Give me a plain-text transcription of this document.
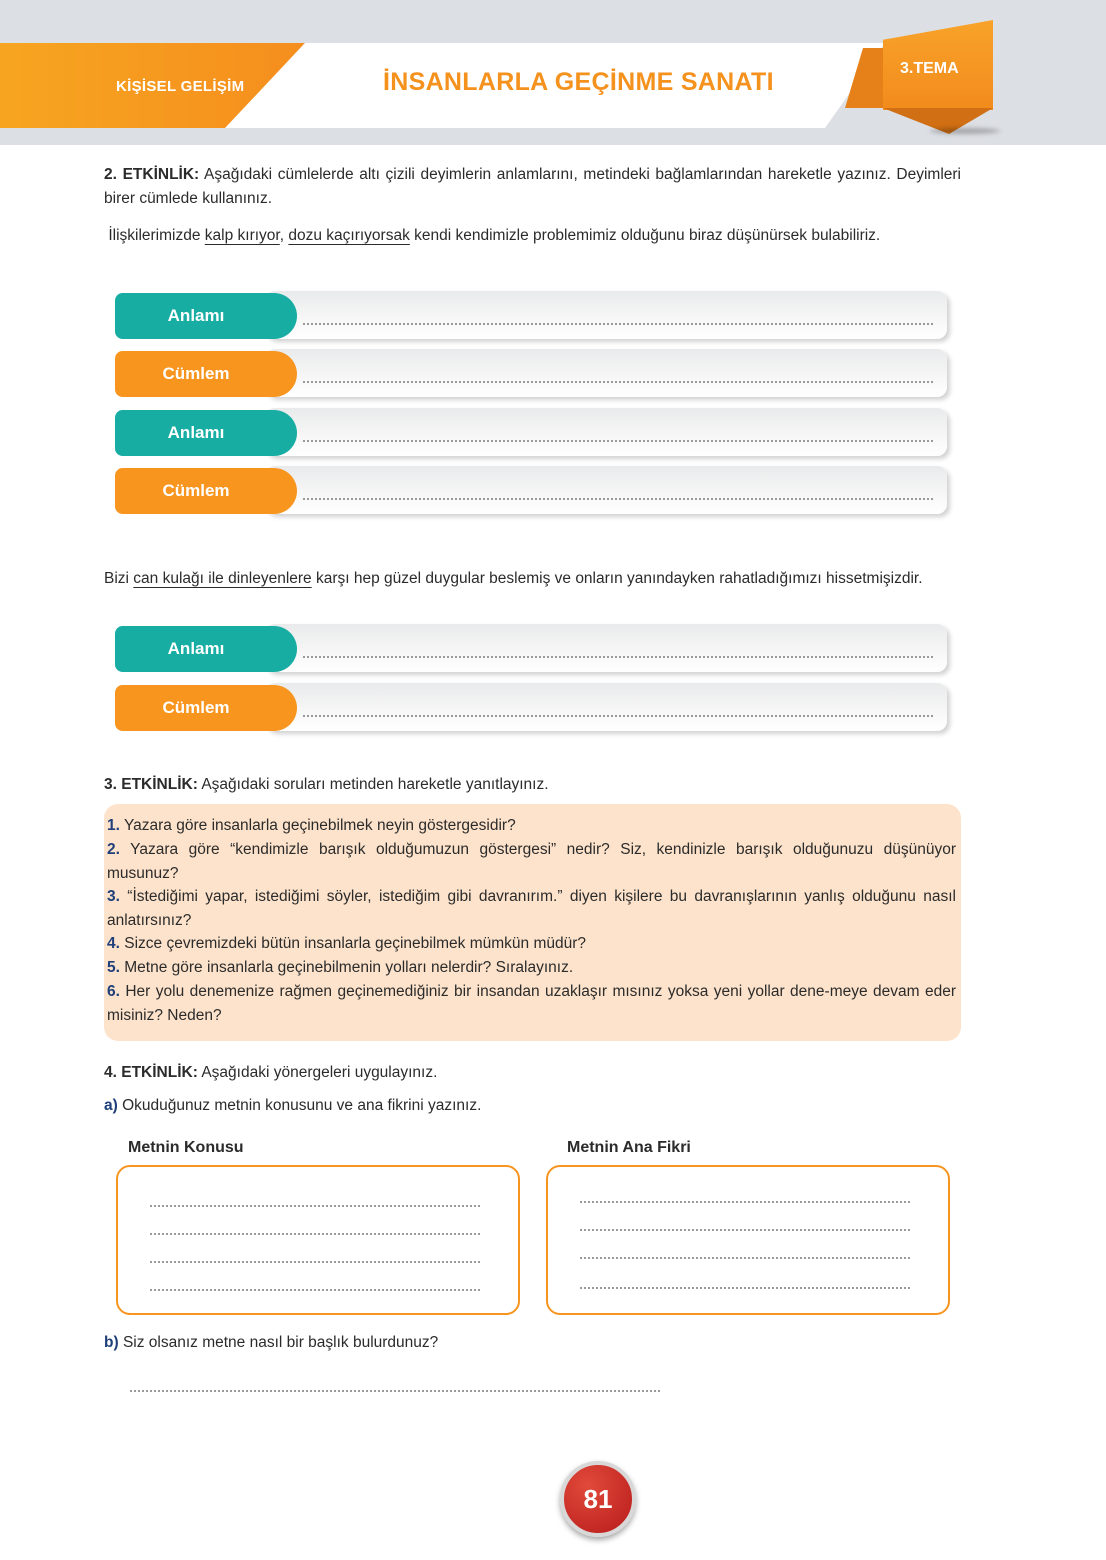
KİŞİSEL GELİŞİM	İNSANLARLA GEÇİNME SANATI	3.TEMA
2. ETKİNLİK: Aşağıdaki cümlelerde altı çizili deyimlerin anlamlarını, metindeki bağlamlarından hareketle yazınız. Deyimleri birer cümlede kullanınız.
İlişkilerimizde kalp kırıyor, dozu kaçırıyorsak kendi kendimizle problemimiz olduğunu biraz düşünürsek bulabiliriz.
Anlamı
Cümlem
Anlamı
Cümlem
Bizi can kulağı ile dinleyenlere karşı hep güzel duygular beslemiş ve onların yanındayken rahatladığımızı hissetmişizdir.
Anlamı
Cümlem
3. ETKİNLİK: Aşağıdaki soruları metinden hareketle yanıtlayınız.
1. Yazara göre insanlarla geçinebilmek neyin göstergesidir?
2. Yazara göre “kendimizle barışık olduğumuzun göstergesi” nedir? Siz, kendinizle barışık olduğunuzu düşünüyor musunuz?
3. “İstediğimi yapar, istediğimi söyler, istediğim gibi davranırım.” diyen kişilere bu davranışlarının yanlış olduğunu nasıl anlatırsınız?
4. Sizce çevremizdeki bütün insanlarla geçinebilmek mümkün müdür?
5. Metne göre insanlarla geçinebilmenin yolları nelerdir? Sıralayınız.
6. Her yolu denemenize rağmen geçinemediğiniz bir insandan uzaklaşır mısınız yoksa yeni yollar dene-meye devam eder misiniz? Neden?
4. ETKİNLİK: Aşağıdaki yönergeleri uygulayınız.
a) Okuduğunuz metnin konusunu ve ana fikrini yazınız.
Metnin Konusu	Metnin Ana Fikri
b) Siz olsanız metne nasıl bir başlık bulurdunuz?
81
